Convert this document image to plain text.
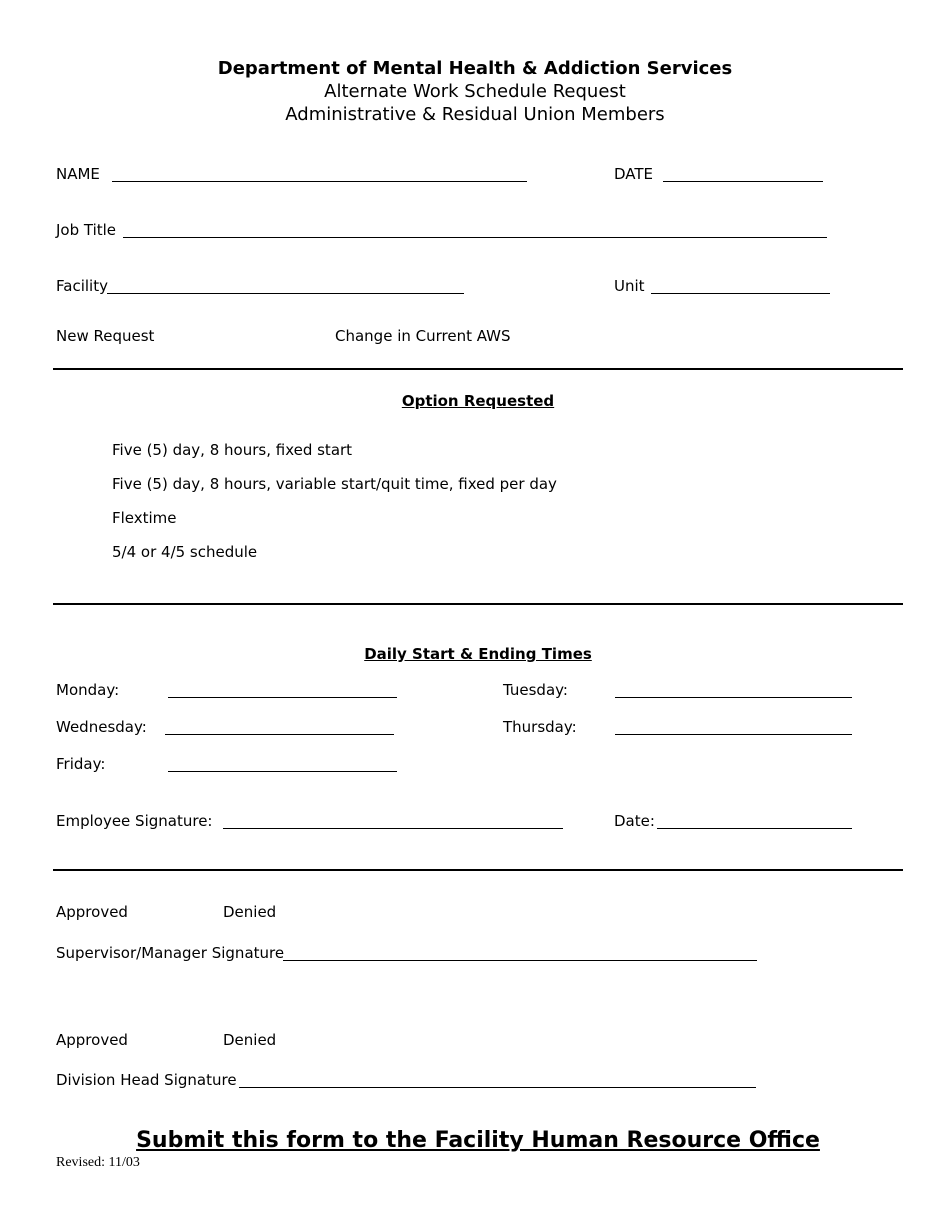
Department of Mental Health & Addiction Services
Alternate Work Schedule Request
Administrative & Residual Union Members
NAME	DATE
Job Title
Facility	Unit
New Request	Change in Current AWS
Option Requested
Five (5) day, 8 hours, fixed start
Five (5) day, 8 hours, variable start/quit time, fixed per day
Flextime
5/4 or 4/5 schedule
Daily Start & Ending Times
Monday:	Tuesday:
Wednesday:	Thursday:
Friday:
Employee Signature:	Date:
Approved	Denied
Supervisor/Manager Signature
Approved	Denied
Division Head Signature
Submit this form to the Facility Human Resource Office
Revised: 11/03
